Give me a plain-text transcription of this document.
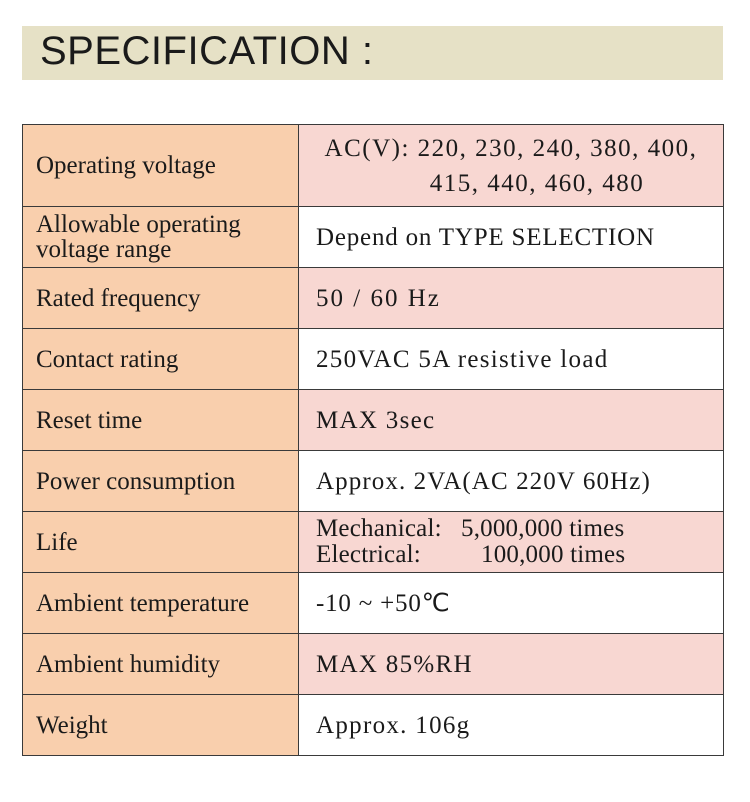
SPECIFICATION :
Operating voltage	AC(V): 220, 230, 240, 380, 400,
415, 440, 460, 480

Allowable operating
voltage range	Depend on TYPE SELECTION
Rated frequency	50 / 60 Hz
Contact rating	250VAC 5A resistive load
Reset time	MAX 3sec
Power consumption	Approx. 2VA(AC 220V 60Hz)
Life	Mechanical: 5,000,000 times
Electrical: 100,000 times

Ambient temperature	-10 ~ +50℃
Ambient humidity	MAX 85%RH
Weight	Approx. 106g
